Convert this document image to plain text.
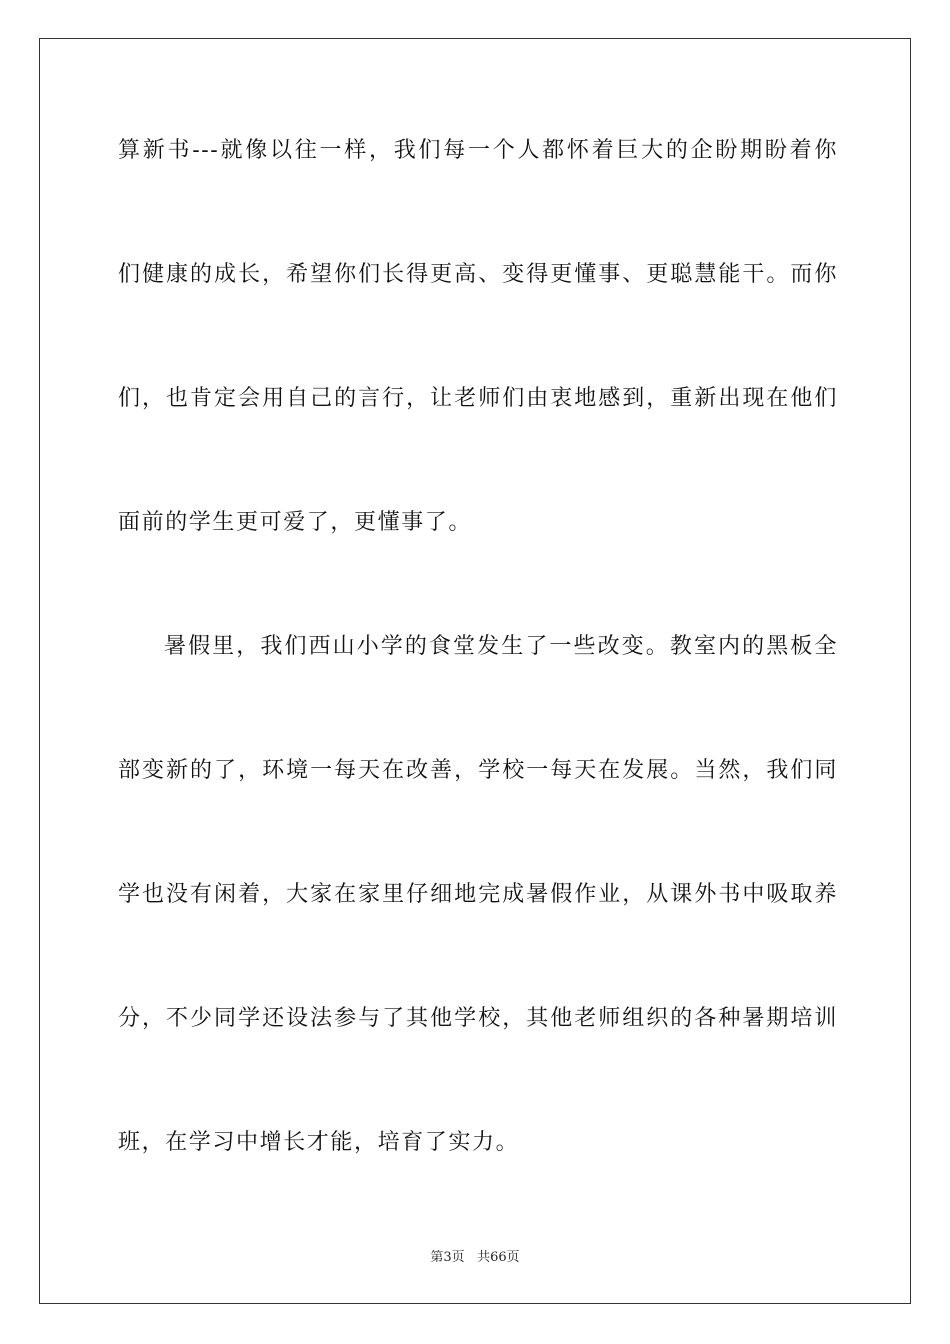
算新书---就像以往一样，我们每一个人都怀着巨大的企盼期盼着你
们健康的成长，希望你们长得更高、变得更懂事、更聪慧能干。而你
们，也肯定会用自己的言行，让老师们由衷地感到，重新出现在他们
面前的学生更可爱了，更懂事了。
暑假里，我们西山小学的食堂发生了一些改变。教室内的黑板全
部变新的了，环境一每天在改善，学校一每天在发展。当然，我们同
学也没有闲着，大家在家里仔细地完成暑假作业，从课外书中吸取养
分，不少同学还设法参与了其他学校，其他老师组织的各种暑期培训
班，在学习中增长才能，培育了实力。
第3页 共66页
